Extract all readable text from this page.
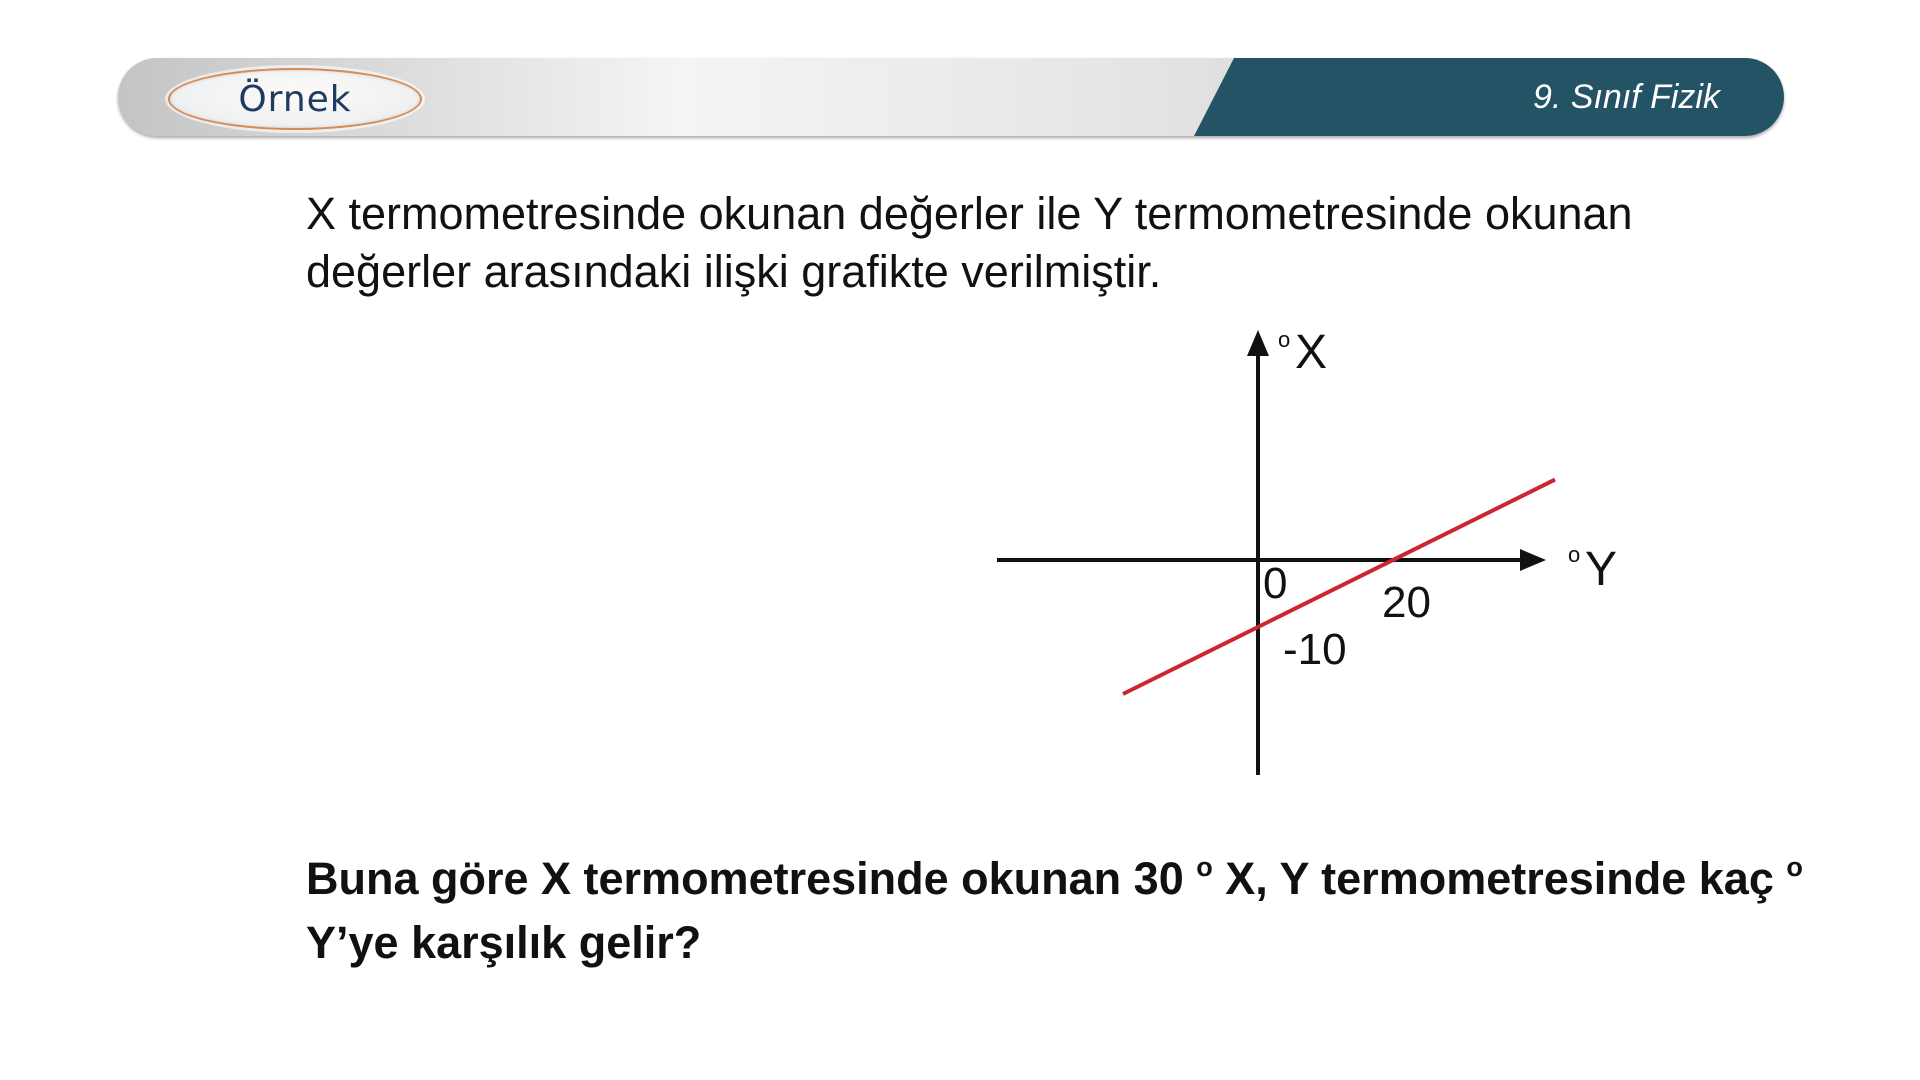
Örnek	9. Sınıf Fizik

X termometresinde okunan değerler ile Y termometresinde okunan değerler arasındaki ilişki grafikte verilmiştir.

o X
o Y
0 20
-10

Buna göre X termometresinde okunan 30 $^o$ X, Y termometresinde kaç $^o$ Y’ye karşılık gelir?
